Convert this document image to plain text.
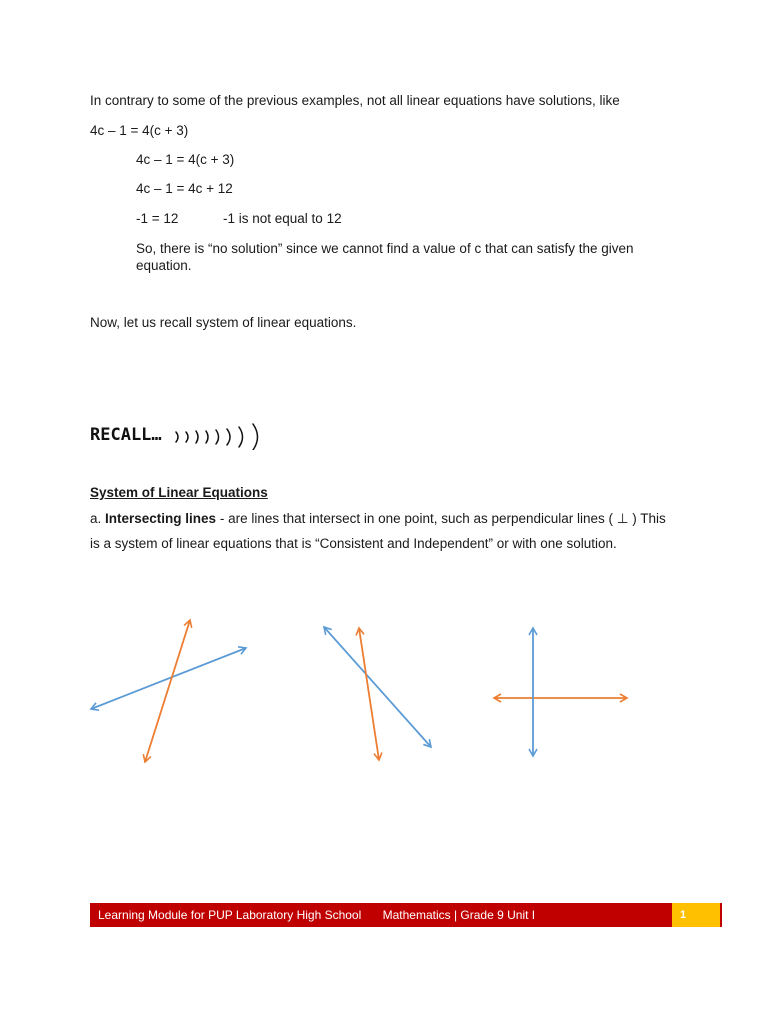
In contrary to some of the previous examples, not all linear equations have solutions, like
4c – 1 = 4(c + 3)
4c – 1 = 4(c + 3)
4c – 1 = 4c + 12
-1 = 12	-1 is not equal to 12
So, there is “no solution” since we cannot find a value of c that can satisfy the given equation.
Now, let us recall system of linear equations.
RECALL…
System of Linear Equations
a. Intersecting lines - are lines that intersect in one point, such as perpendicular lines ( ⊥ ) This
is a system of linear equations that is “Consistent and Independent” or with one solution.
Learning Module for PUP Laboratory High School Mathematics | Grade 9 Unit I	1
